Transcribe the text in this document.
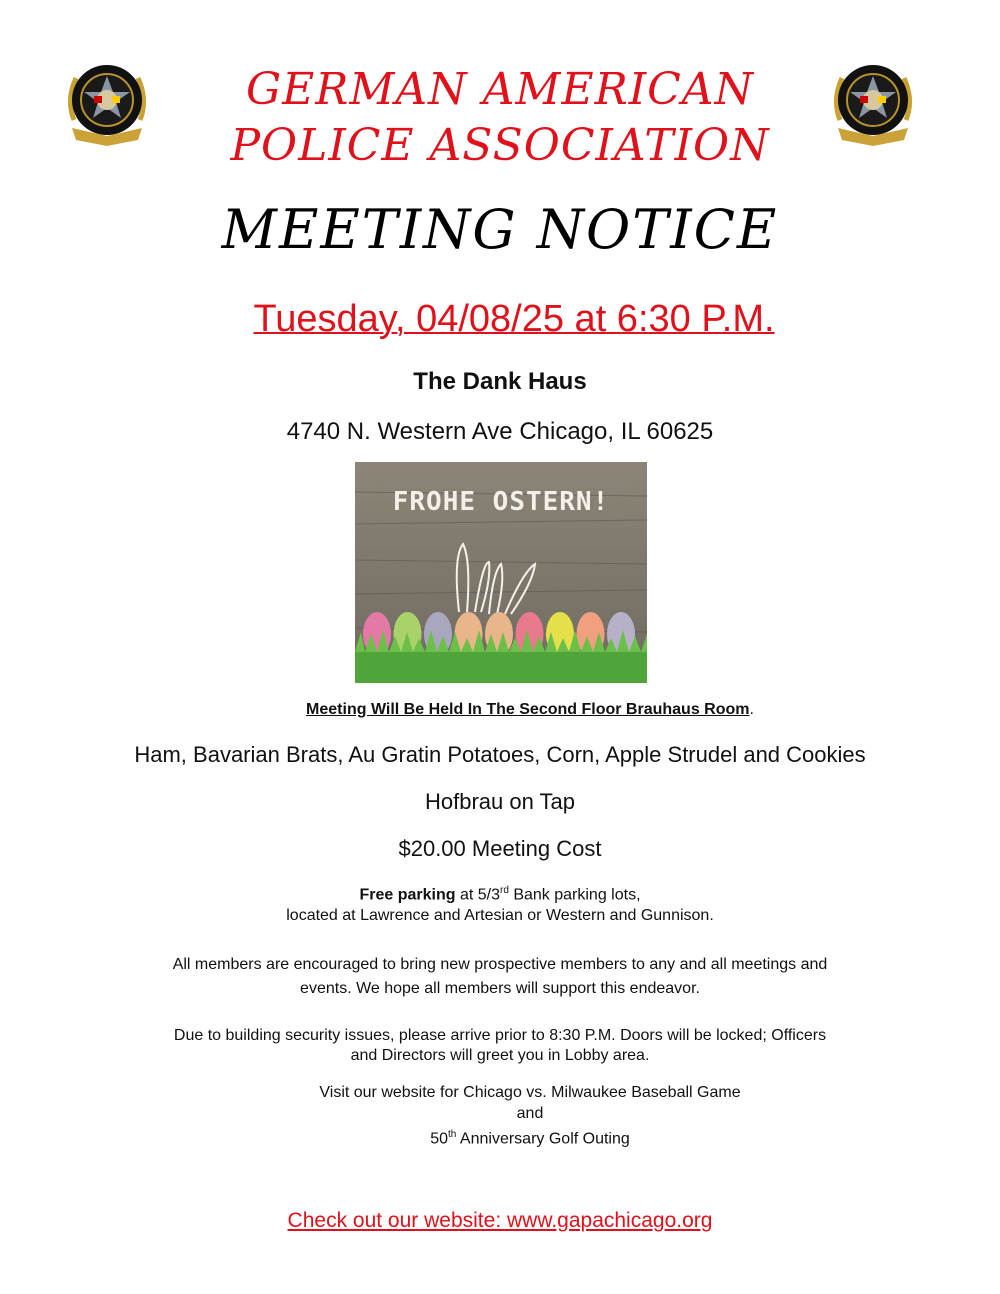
GERMAN AMERICAN
POLICE ASSOCIATION
MEETING NOTICE
Tuesday, 04/08/25 at 6:30 P.M.
The Dank Haus
4740 N. Western Ave Chicago, IL 60625
FROHE OSTERN!
Meeting Will Be Held In The Second Floor Brauhaus Room.
Ham, Bavarian Brats, Au Gratin Potatoes, Corn, Apple Strudel and Cookies
Hofbrau on Tap
$20.00 Meeting Cost
Free parking at 5/3rd Bank parking lots,
located at Lawrence and Artesian or Western and Gunnison.
All members are encouraged to bring new prospective members to any and all meetings and
events. We hope all members will support this endeavor.
Due to building security issues, please arrive prior to 8:30 P.M. Doors will be locked; Officers
and Directors will greet you in Lobby area.
Visit our website for Chicago vs. Milwaukee Baseball Game
and
50th Anniversary Golf Outing
Check out our website: www.gapachicago.org
